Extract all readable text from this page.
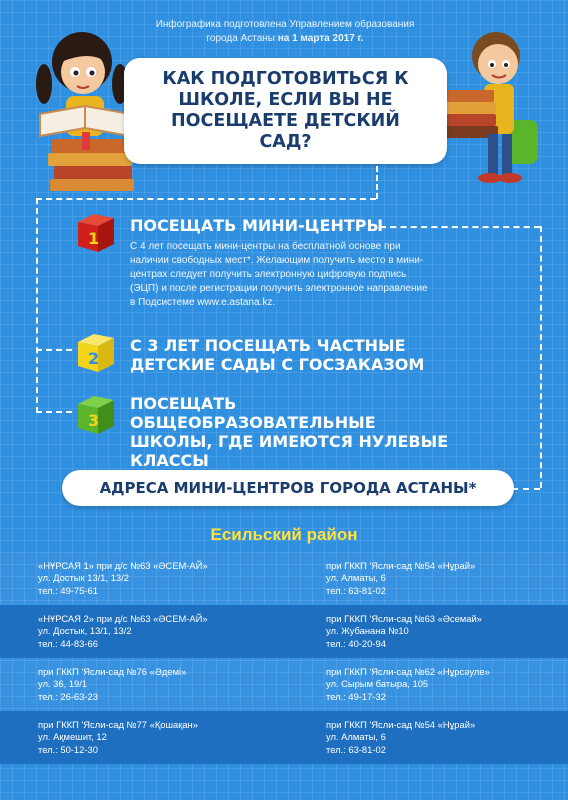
Инфографика подготовлена Управлением образования
города Астаны на 1 марта 2017 г.
КАК ПОДГОТОВИТЬСЯ К ШКОЛЕ, ЕСЛИ ВЫ НЕ ПОСЕЩАЕТЕ ДЕТСКИЙ САД?
1
2
3
ПОСЕЩАТЬ МИНИ-ЦЕНТРЫ
С 4 лет посещать мини-центры на бесплатной основе при наличии свободных мест*. Желающим получить место в мини-центрах следует получить электронную цифровую подпись (ЭЦП) и после регистрации получить электронное направление в Подсистеме www.e.astana.kz.
С 3 ЛЕТ ПОСЕЩАТЬ ЧАСТНЫЕ ДЕТСКИЕ САДЫ С ГОСЗАКАЗОМ
ПОСЕЩАТЬ ОБЩЕОБРАЗОВАТЕЛЬНЫЕ ШКОЛЫ, ГДЕ ИМЕЮТСЯ НУЛЕВЫЕ КЛАССЫ
АДРЕСА МИНИ-ЦЕНТРОВ ГОРОДА АСТАНЫ*
Есильский район
«НҰРСАЯ 1» при д/с №63 «ӘСЕМ-АЙ»
ул. Достык 13/1, 13/2
тел.: 49-75-61
при ГККП 'Ясли-сад №54 «Нұрай»
ул. Алматы, 6
тел.: 63-81-02
«НҰРСАЯ 2» при д/с №63 «ӘСЕМ-АЙ»
ул. Достык, 13/1, 13/2
тел.: 44-83-66
при ГККП 'Ясли-сад №63 «Әсемай»
ул. Жубанана №10
тел.: 40-20-94
при ГККП 'Ясли-сад №76 «Әдемі»
ул. 36, 19/1
тел.: 26-63-23
при ГККП 'Ясли-сад №62 «Нұрсәуле»
ул. Сырым батыра, 105
тел.: 49-17-32
при ГККП 'Ясли-сад №77 «Қошақан»
ул. Ақмешит, 12
тел.: 50-12-30
при ГККП 'Ясли-сад №54 «Нұрай»
ул. Алматы, 6
тел.: 63-81-02
